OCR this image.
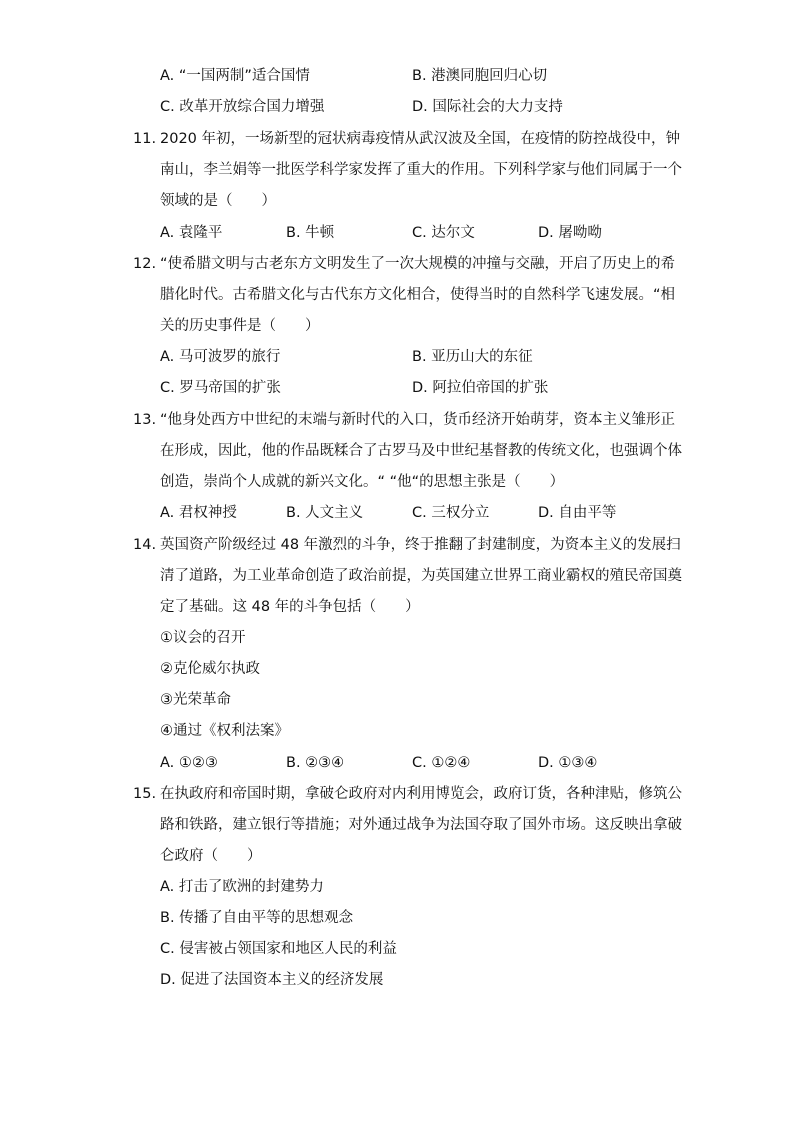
A. “一国两制”适合国情	B. 港澳同胞回归心切
C. 改革开放综合国力增强	D. 国际社会的大力支持
11. 2020 年初，一场新型的冠状病毒疫情从武汉波及全国，在疫情的防控战役中，钟
南山，李兰娟等一批医学科学家发挥了重大的作用。下列科学家与他们同属于一个
领域的是（　　）
A. 袁隆平	B. 牛顿	C. 达尔文	D. 屠呦呦
12. “使希腊文明与古老东方文明发生了一次大规模的冲撞与交融，开启了历史上的希
腊化时代。古希腊文化与古代东方文化相合，使得当时的自然科学飞速发展。“相
关的历史事件是（　　）
A. 马可波罗的旅行	B. 亚历山大的东征
C. 罗马帝国的扩张	D. 阿拉伯帝国的扩张
13. “他身处西方中世纪的末端与新时代的入口，货币经济开始萌芽，资本主义雏形正
在形成，因此，他的作品既糅合了古罗马及中世纪基督教的传统文化，也强调个体
创造，崇尚个人成就的新兴文化。“ “他“的思想主张是（　　）
A. 君权神授	B. 人文主义	C. 三权分立	D. 自由平等
14. 英国资产阶级经过 48 年激烈的斗争，终于推翻了封建制度，为资本主义的发展扫
清了道路，为工业革命创造了政治前提，为英国建立世界工商业霸权的殖民帝国奠
定了基础。这 48 年的斗争包括（　　）
①议会的召开
②克伦威尔执政
③光荣革命
④通过《权利法案》
A. ①②③	B. ②③④	C. ①②④	D. ①③④
15. 在执政府和帝国时期，拿破仑政府对内利用博览会，政府订货，各种津贴，修筑公
路和铁路，建立银行等措施；对外通过战争为法国夺取了国外市场。这反映出拿破
仑政府（　　）
A. 打击了欧洲的封建势力
B. 传播了自由平等的思想观念
C. 侵害被占领国家和地区人民的利益
D. 促进了法国资本主义的经济发展
